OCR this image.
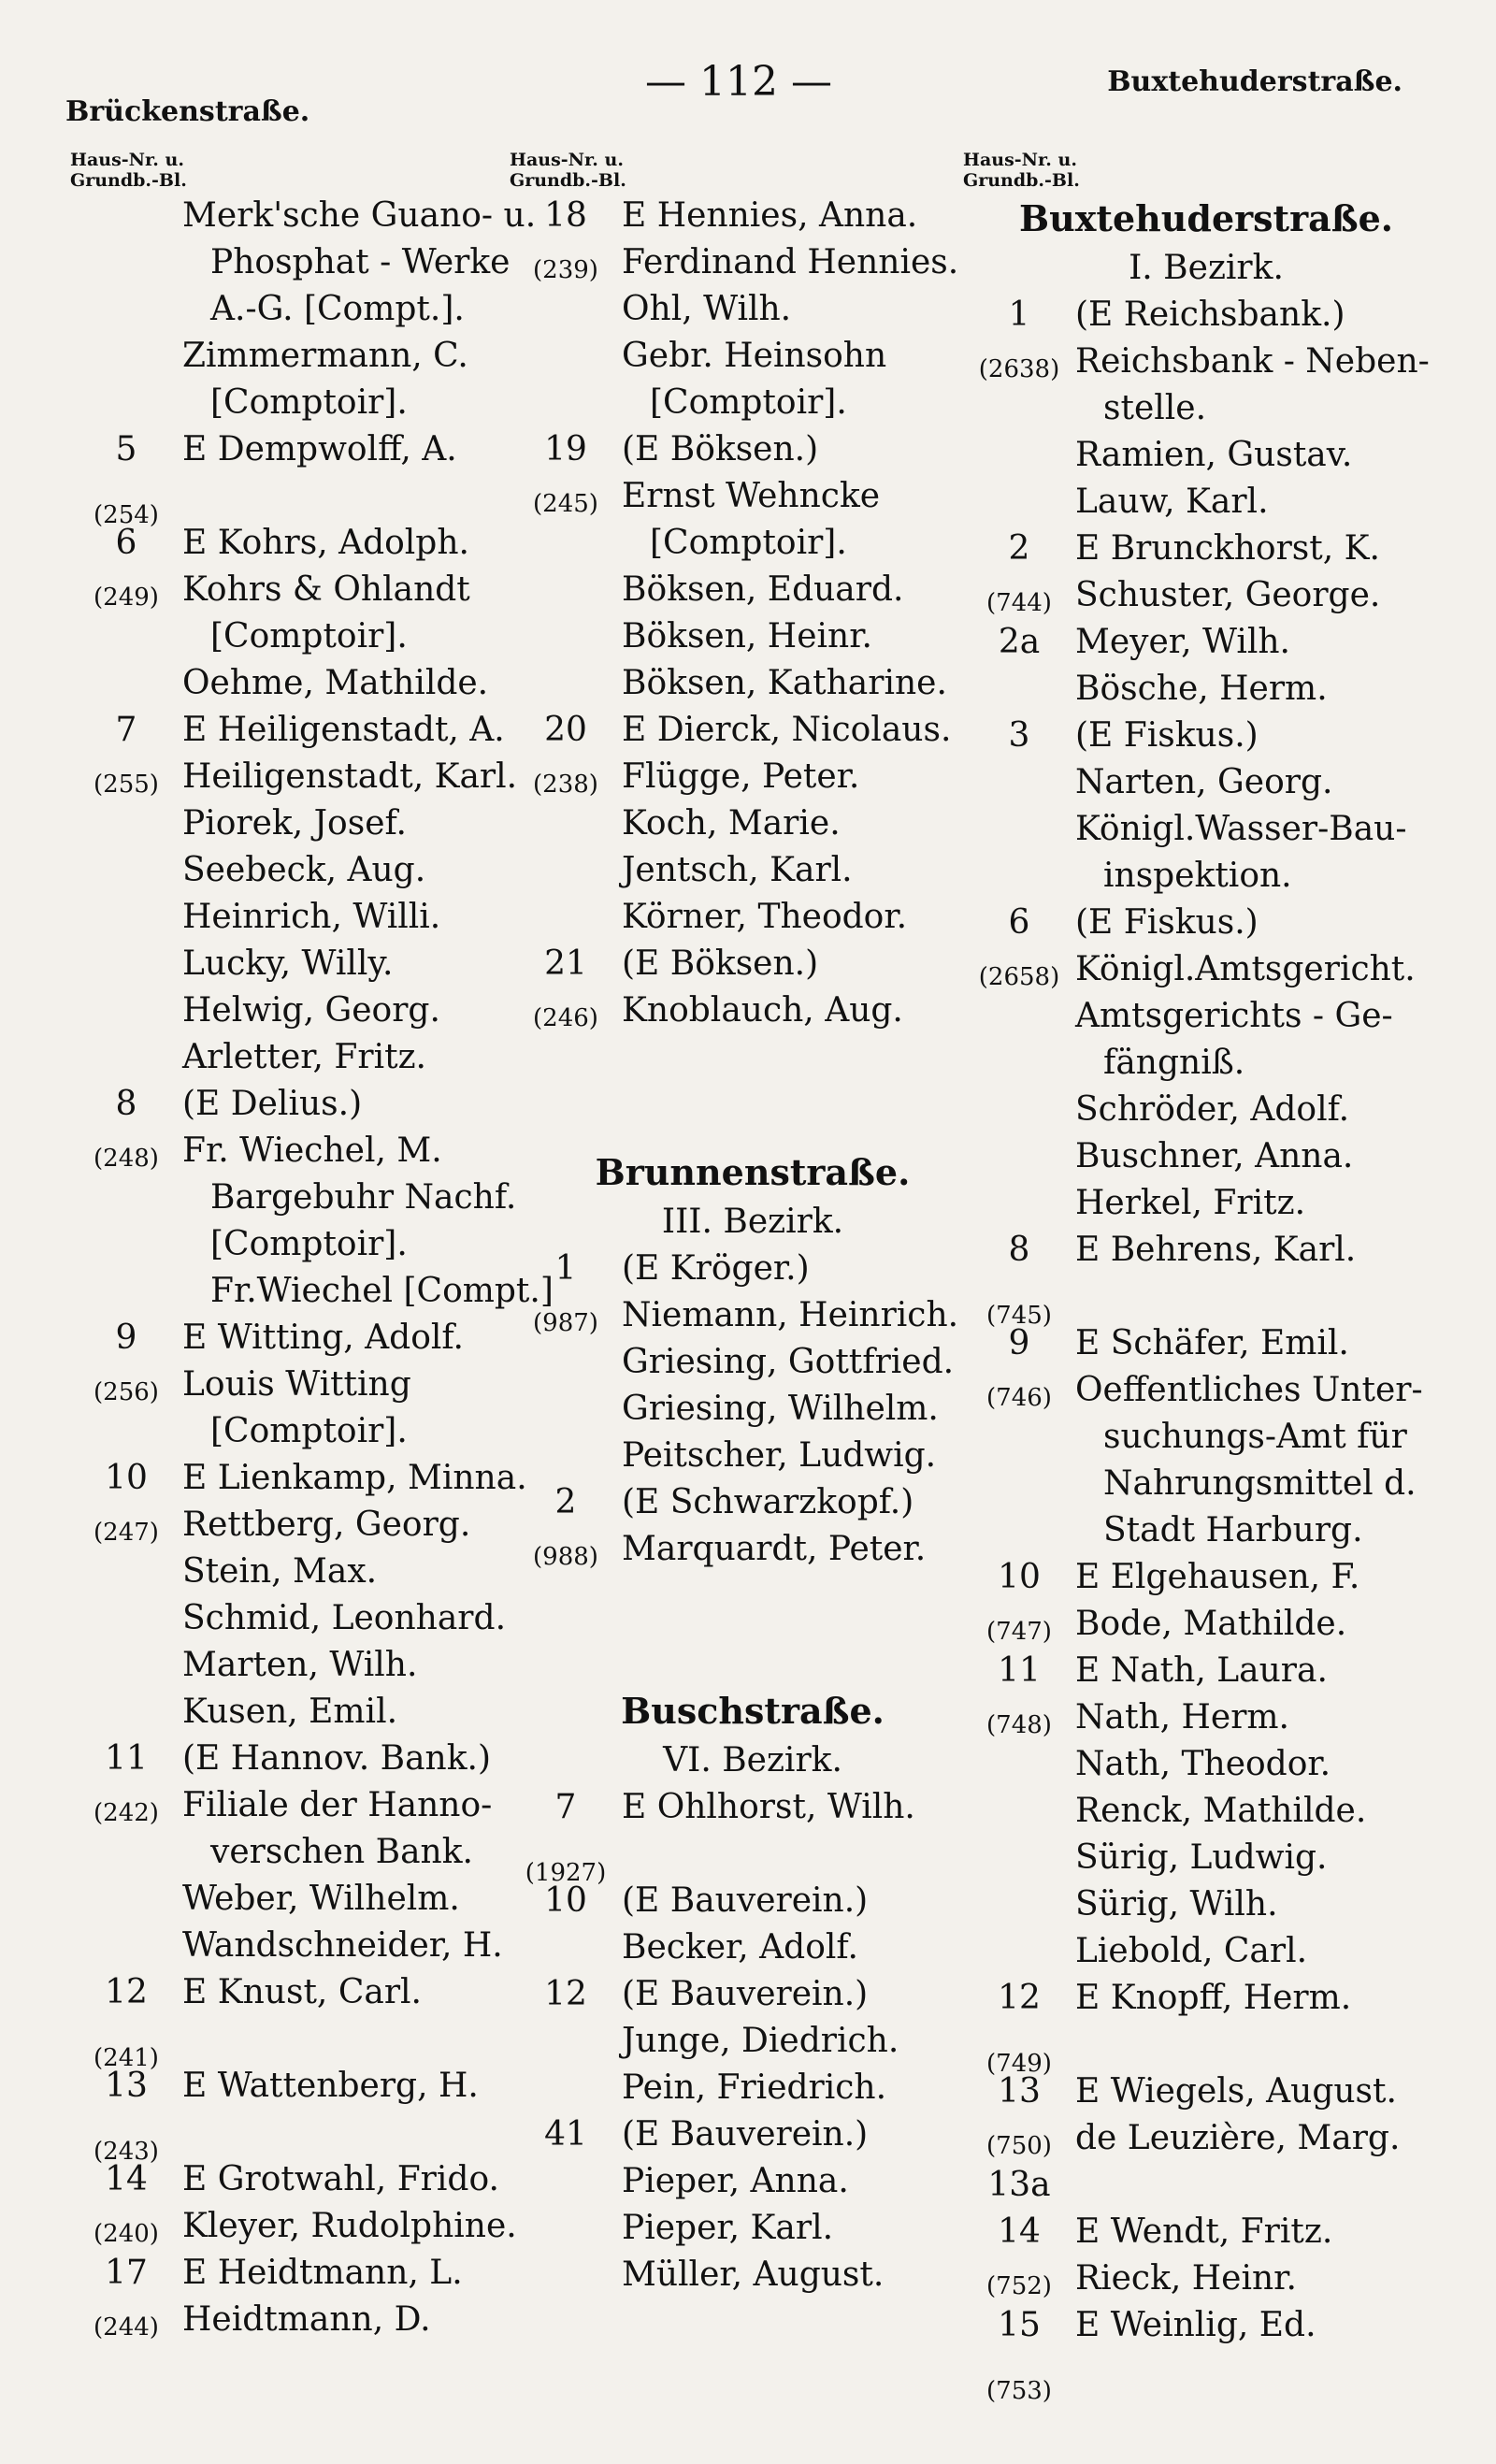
Brückenstraße.
— 112 —	Buxtehuderstraße.
Haus-Nr. u.
Grundb.-Bl.
Merk'sche Guano- u.
Phosphat - Werke
A.-G. [Compt.].
Zimmermann, C.
[Comptoir].
5	E Dempwolff, A.
(254)
6	E Kohrs, Adolph.
(249) Kohrs & Ohlandt
[Comptoir].
Oehme, Mathilde.
7	E Heiligenstadt, A.
(255) Heiligenstadt, Karl.
Piorek, Josef.
Seebeck, Aug.
Heinrich, Willi.
Lucky, Willy.
Helwig, Georg.
Arletter, Fritz.
8	(E Delius.)
(248) Fr. Wiechel, M.
Bargebuhr Nachf.
[Comptoir].
Fr.Wiechel [Compt.]
9	E Witting, Adolf.
(256) Louis Witting
[Comptoir].
10	E Lienkamp, Minna.
(247) Rettberg, Georg.
Stein, Max.
Schmid, Leonhard.
Marten, Wilh.
Kusen, Emil.
11	(E Hannov. Bank.)
(242) Filiale der Hanno-
verschen Bank.
Weber, Wilhelm.
Wandschneider, H.
12	E Knust, Carl.
(241)
13	E Wattenberg, H.
(243)
14	E Grotwahl, Frido.
(240) Kleyer, Rudolphine.
17	E Heidtmann, L.
(244) Heidtmann, D.
Haus-Nr. u.
Grundb.-Bl.
18	E Hennies, Anna.
(239) Ferdinand Hennies.
Ohl, Wilh.
Gebr. Heinsohn
[Comptoir].
19	(E Böksen.)
(245) Ernst Wehncke
[Comptoir].
Böksen, Eduard.
Böksen, Heinr.
Böksen, Katharine.
20	E Dierck, Nicolaus.
(238) Flügge, Peter.
Koch, Marie.
Jentsch, Karl.
Körner, Theodor.
21	(E Böksen.)
(246) Knoblauch, Aug.
Brunnenstraße.
III. Bezirk.
1	(E Kröger.)
(987) Niemann, Heinrich.
Griesing, Gottfried.
Griesing, Wilhelm.
Peitscher, Ludwig.
2	(E Schwarzkopf.)
(988) Marquardt, Peter.
Buschstraße.
VI. Bezirk.
7	E Ohlhorst, Wilh.
(1927)
10	(E Bauverein.)
Becker, Adolf.
12	(E Bauverein.)
Junge, Diedrich.
Pein, Friedrich.
41	(E Bauverein.)
Pieper, Anna.
Pieper, Karl.
Müller, August.
Haus-Nr. u.
Grundb.-Bl.
Buxtehuderstraße.
I. Bezirk.
1	(E Reichsbank.)
(2638) Reichsbank - Neben-
stelle.
Ramien, Gustav.
Lauw, Karl.
2	E Brunckhorst, K.
(744) Schuster, George.
2a	Meyer, Wilh.
Bösche, Herm.
3	(E Fiskus.)
Narten, Georg.
Königl.Wasser-Bau-
inspektion.
6	(E Fiskus.)
(2658) Königl.Amtsgericht.
Amtsgerichts - Ge-
fängniß.
Schröder, Adolf.
Buschner, Anna.
Herkel, Fritz.
8	E Behrens, Karl.
(745)
9	E Schäfer, Emil.
(746) Oeffentliches Unter-
suchungs-Amt für
Nahrungsmittel d.
Stadt Harburg.
10	E Elgehausen, F.
(747) Bode, Mathilde.
11	E Nath, Laura.
(748) Nath, Herm.
Nath, Theodor.
Renck, Mathilde.
Sürig, Ludwig.
Sürig, Wilh.
Liebold, Carl.
12	E Knopff, Herm.
(749)
13	E Wiegels, August.
(750) de Leuzière, Marg.
13a
14	E Wendt, Fritz.
(752) Rieck, Heinr.
15	E Weinlig, Ed.
(753)
